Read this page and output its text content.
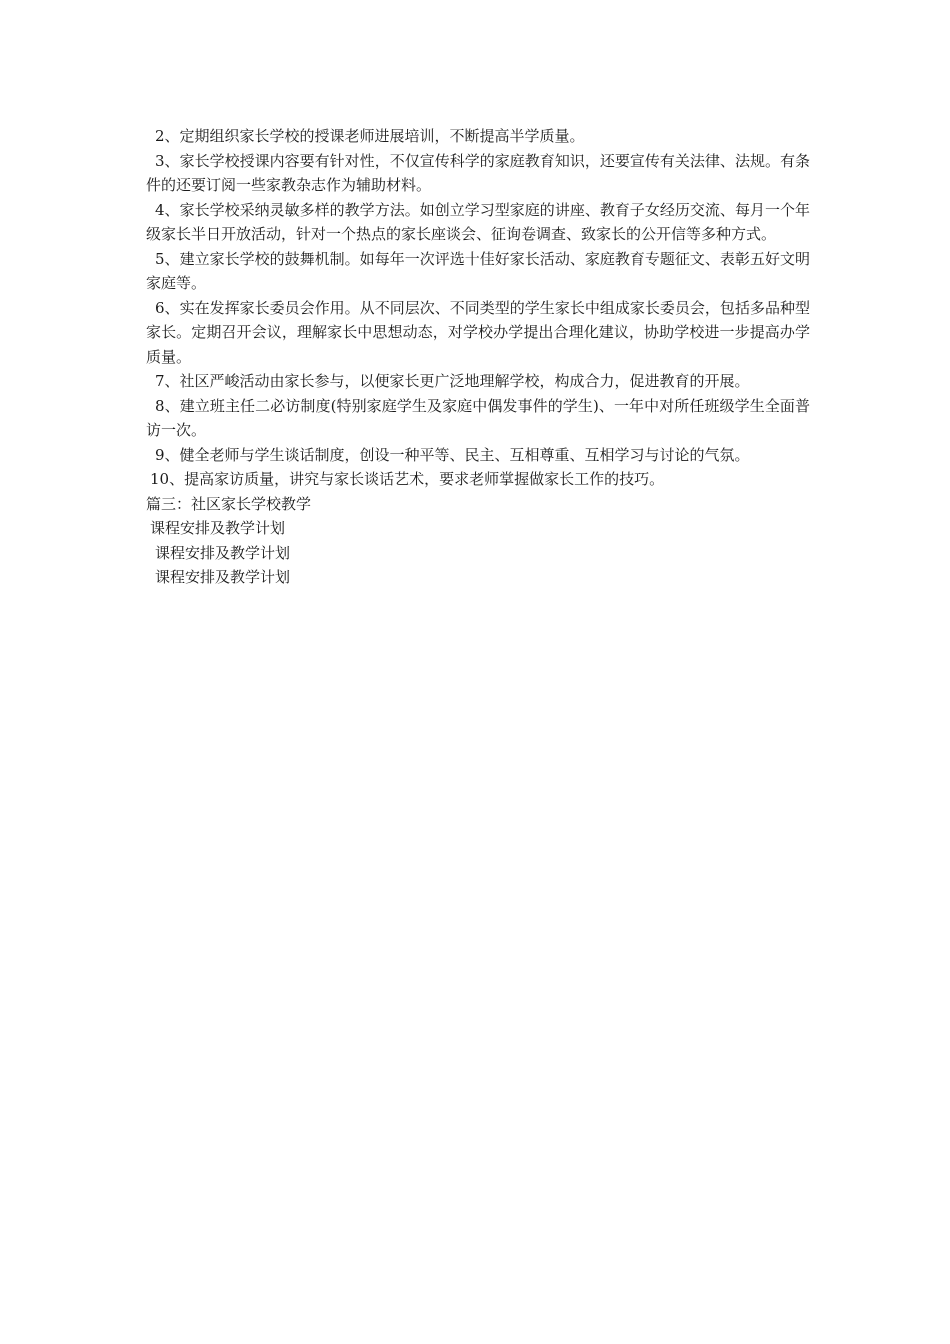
2、定期组织家长学校的授课老师进展培训，不断提高半学质量。

3、家长学校授课内容要有针对性，不仅宣传科学的家庭教育知识，还要宣传有关法律、法规。有条件的还要订阅一些家教杂志作为辅助材料。

4、家长学校采纳灵敏多样的教学方法。如创立学习型家庭的讲座、教育子女经历交流、每月一个年级家长半日开放活动，针对一个热点的家长座谈会、征询卷调查、致家长的公开信等多种方式。

5、建立家长学校的鼓舞机制。如每年一次评选十佳好家长活动、家庭教育专题征文、表彰五好文明家庭等。

6、实在发挥家长委员会作用。从不同层次、不同类型的学生家长中组成家长委员会，包括多品种型家长。定期召开会议，理解家长中思想动态，对学校办学提出合理化建议，协助学校进一步提高办学质量。

7、社区严峻活动由家长参与，以便家长更广泛地理解学校，构成合力，促进教育的开展。

8、建立班主任二必访制度(特别家庭学生及家庭中偶发事件的学生)、一年中对所任班级学生全面普访一次。

9、健全老师与学生谈话制度，创设一种平等、民主、互相尊重、互相学习与讨论的气氛。

10、提高家访质量，讲究与家长谈话艺术，要求老师掌握做家长工作的技巧。

篇三：社区家长学校教学

课程安排及教学计划

课程安排及教学计划

课程安排及教学计划
